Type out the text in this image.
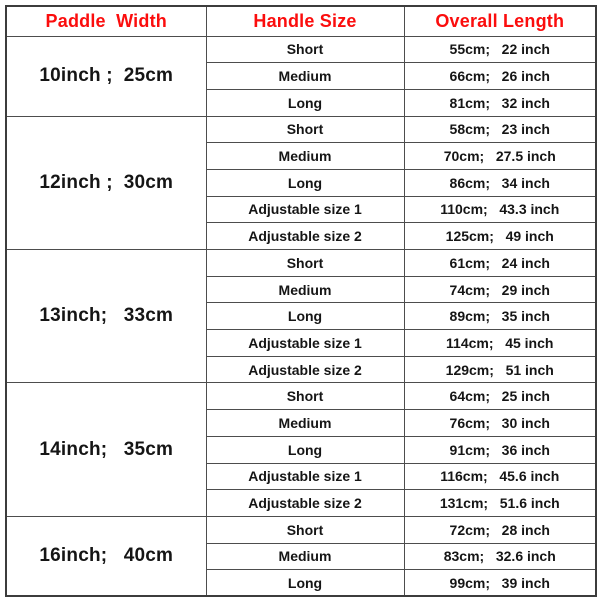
Paddle  Width	Handle Size	Overall Length
10inch ;  25cm	Short	55cm;   22 inch
	Medium	66cm;   26 inch
	Long	81cm;   32 inch
12inch ;  30cm	Short	58cm;   23 inch
	Medium	70cm;   27.5 inch
	Long	86cm;   34 inch
	Adjustable size 1	110cm;   43.3 inch
	Adjustable size 2	125cm;   49 inch
13inch;   33cm	Short	61cm;   24 inch
	Medium	74cm;   29 inch
	Long	89cm;   35 inch
	Adjustable size 1	114cm;   45 inch
	Adjustable size 2	129cm;   51 inch
14inch;   35cm	Short	64cm;   25 inch
	Medium	76cm;   30 inch
	Long	91cm;   36 inch
	Adjustable size 1	116cm;   45.6 inch
	Adjustable size 2	131cm;   51.6 inch
16inch;   40cm	Short	72cm;   28 inch
	Medium	83cm;   32.6 inch
	Long	99cm;   39 inch
